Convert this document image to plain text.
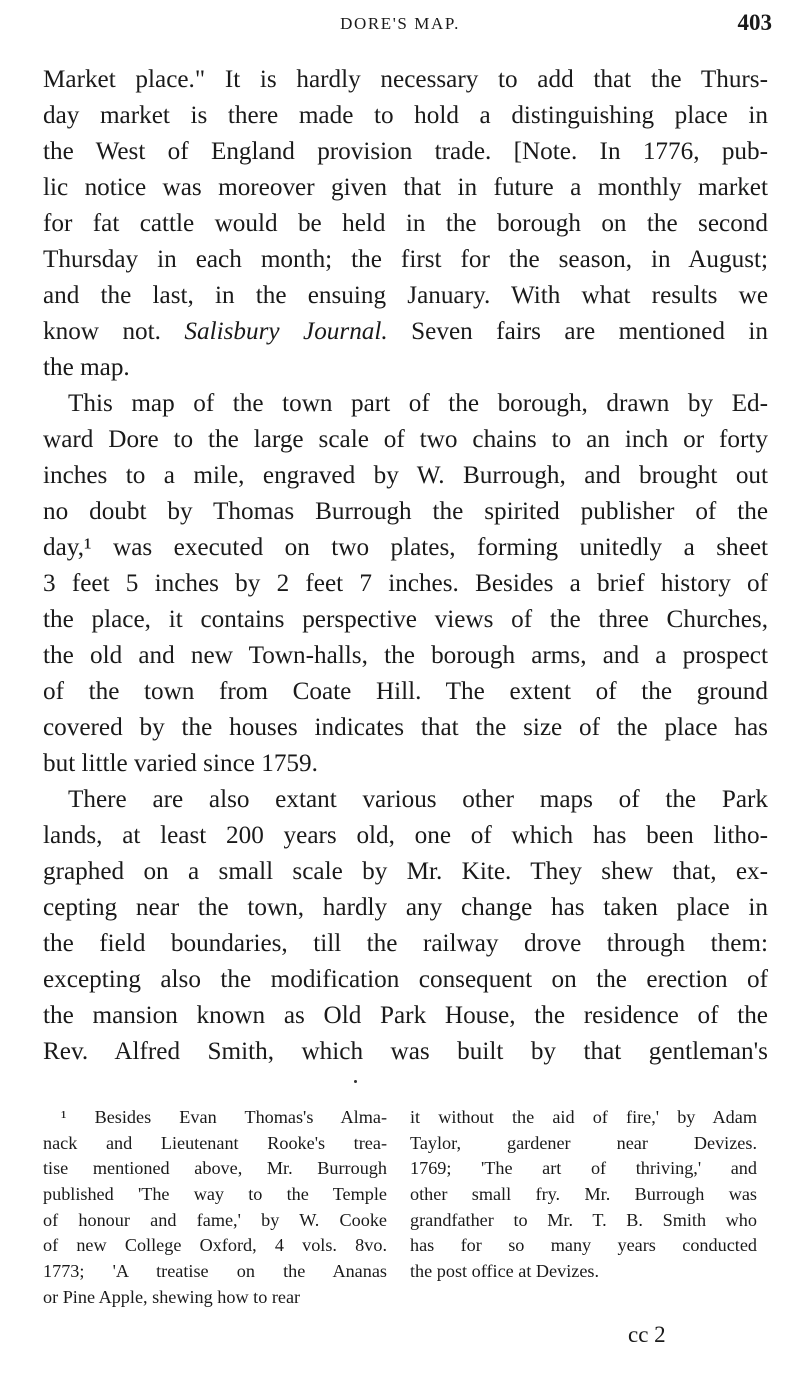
DORE'S MAP.	403
Market place." It is hardly necessary to add that the Thurs-
day market is there made to hold a distinguishing place in
the West of England provision trade. [Note. In 1776, pub-
lic notice was moreover given that in future a monthly market
for fat cattle would be held in the borough on the second
Thursday in each month; the first for the season, in August;
and the last, in the ensuing January. With what results we
know not. Salisbury Journal. Seven fairs are mentioned in
the map.
This map of the town part of the borough, drawn by Ed-
ward Dore to the large scale of two chains to an inch or forty
inches to a mile, engraved by W. Burrough, and brought out
no doubt by Thomas Burrough the spirited publisher of the
day,¹ was executed on two plates, forming unitedly a sheet
3 feet 5 inches by 2 feet 7 inches. Besides a brief history of
the place, it contains perspective views of the three Churches,
the old and new Town-halls, the borough arms, and a prospect
of the town from Coate Hill. The extent of the ground
covered by the houses indicates that the size of the place has
but little varied since 1759.
There are also extant various other maps of the Park
lands, at least 200 years old, one of which has been litho-
graphed on a small scale by Mr. Kite. They shew that, ex-
cepting near the town, hardly any change has taken place in
the field boundaries, till the railway drove through them:
excepting also the modification consequent on the erection of
the mansion known as Old Park House, the residence of the
Rev. Alfred Smith, which was built by that gentleman's
¹ Besides Evan Thomas's Alma-
nack and Lieutenant Rooke's trea-
tise mentioned above, Mr. Burrough
published 'The way to the Temple
of honour and fame,' by W. Cooke
of new College Oxford, 4 vols. 8vo.
1773; 'A treatise on the Ananas
or Pine Apple, shewing how to rear
it without the aid of fire,' by Adam
Taylor, gardener near Devizes.
1769; 'The art of thriving,' and
other small fry. Mr. Burrough was
grandfather to Mr. T. B. Smith who
has for so many years conducted
the post office at Devizes.
cc 2
